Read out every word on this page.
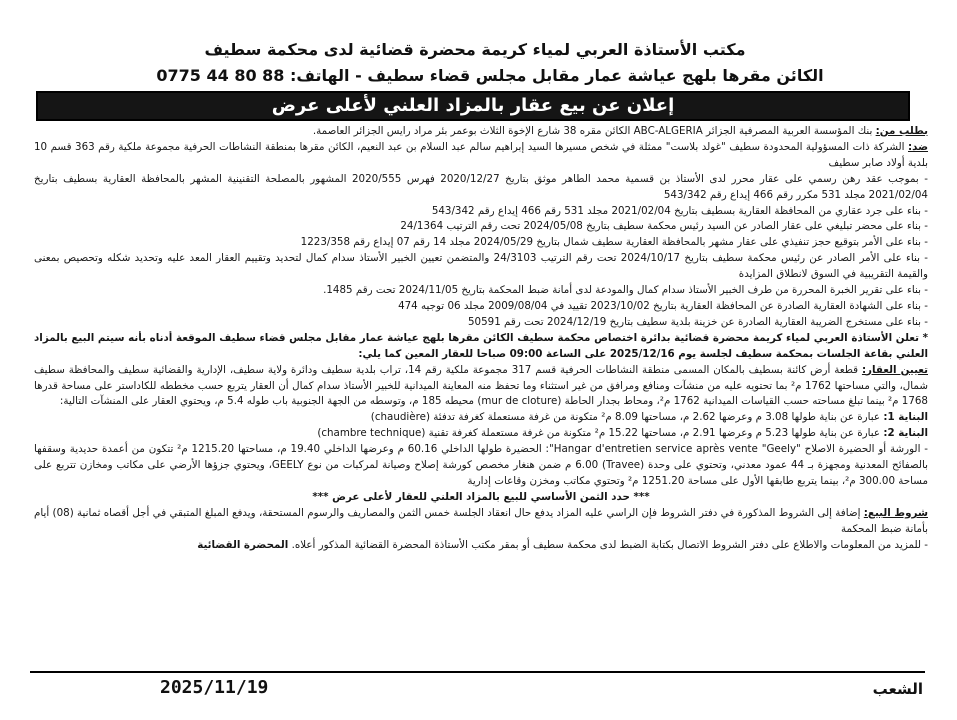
مكتب الأستاذة العربي لمياء كريمة محضرة قضائية لدى محكمة سطيف
الكائن مقرها بلهج عياشة عمار مقابل مجلس قضاء سطيف - الهاتف: 88 80 44 0775
إعلان عن بيع عقار بالمزاد العلني لأعلى عرض

بطلب من: بنك المؤسسة العربية المصرفية الجزائر ABC-ALGERIA الكائن مقره 38 شارع الإخوة الثلاث بوعمر بئر مراد رايس الجزائر العاصمة.

ضد: الشركة ذات المسؤولية المحدودة سطيف "غولد بلاست" ممثلة في شخص مسيرها السيد إبراهيم سالم عبد السلام بن عبد النعيم، الكائن مقرها بمنطقة النشاطات الحرفية مجموعة ملكية رقم 363 قسم 10 بلدية أولاد صابر سطيف

- بموجب عقد رهن رسمي على عقار محرر لدى الأستاذ بن قسمية محمد الطاهر موثق بتاريخ 2020/12/27 فهرس 2020/555 المشهور بالمصلحة التقنينية المشهر بالمحافظة العقارية بسطيف بتاريخ 2021/02/04 مجلد 531 مكرر رقم 466 إيداع رقم 543/342

- بناء على جرد عقاري من المحافظة العقارية بسطيف بتاريخ 2021/02/04 مجلد 531 رقم 466 إيداع رقم 543/342

- بناء على محضر تبليغي على عقار الصادر عن السيد رئيس محكمة سطيف بتاريخ 2024/05/08 تحت رقم الترتيب 24/1364

- بناء على الأمر بتوقيع حجز تنفيذي على عقار مشهر بالمحافظة العقارية سطيف شمال بتاريخ 2024/05/29 مجلد 14 رقم 07 إيداع رقم 1223/358

- بناء على الأمر الصادر عن رئيس محكمة سطيف بتاريخ 2024/10/17 تحت رقم الترتيب 24/3103 والمتضمن تعيين الخبير الأستاذ سدام كمال لتحديد وتقييم العقار المعد عليه وتحديد شكله وتحصيص بمعنى والقيمة التقريبية في السوق لانطلاق المزايدة

- بناء على تقرير الخبرة المحررة من طرف الخبير الأستاذ سدام كمال والمودعة لدى أمانة ضبط المحكمة بتاريخ 2024/11/05 تحت رقم 1485.

- بناء على الشهادة العقارية الصادرة عن المحافظة العقارية بتاريخ 2023/10/02 تقييد في 2009/08/04 مجلد 06 توجيه 474

- بناء على مستخرج الضريبة العقارية الصادرة عن خزينة بلدية سطيف بتاريخ 2024/12/19 تحت رقم 50591

* تعلن الأستاذة العربي لمياء كريمة محضرة قضائية بدائرة اختصاص محكمة سطيف الكائن مقرها بلهج عياشة عمار مقابل مجلس قضاء سطيف الموقعة أدناه بأنه سيتم البيع بالمزاد العلني بقاعة الجلسات بمحكمة سطيف لجلسة يوم 2025/12/16 على الساعة 09:00 صباحا للعقار المعين كما يلي:

تعيين العقار: قطعة أرض كائنة بسطيف بالمكان المسمى منطقة النشاطات الحرفية قسم 317 مجموعة ملكية رقم 14، تراب بلدية سطيف ودائرة ولاية سطيف، الإدارية والقضائية سطيف والمحافظة سطيف شمال، والتي مساحتها 1762 م² بما تحتويه عليه من منشآت ومنافع ومرافق من غير استثناء وما تحفظ منه المعاينة الميدانية للخبير الأستاذ سدام كمال أن العقار يتربع حسب مخططه للكاداستر على مساحة قدرها 1768 م² بينما تبلغ مساحته حسب القياسات الميدانية 1762 م²، ومحاط بجدار الحاطة (mur de cloture) محيطه 185 م، وتوسطه من الجهة الجنوبية باب طوله 5.4 م، ويحتوي العقار على المنشآت التالية:

البناية 1: عبارة عن بناية طولها 3.08 م وعرضها 2.62 م، مساحتها 8.09 م² متكونة من غرفة مستعملة كغرفة تدفئة (chaudière)

البناية 2: عبارة عن بناية طولها 5.23 م وعرضها 2.91 م، مساحتها 15.22 م² متكونة من غرفة مستعملة كغرفة تقنية (chambre technique)

- الورشة أو الحضيرة الاصلاح "Hangar d'entretien service après vente "Geely": الحضيرة طولها الداخلي 60.16 م وعرضها الداخلي 19.40 م، مساحتها 1215.20 م² تتكون من أعمدة حديدية وسقفها بالصفائح المعدنية ومجهزة بـ 44 عمود معدني، وتحتوي على وحدة (Travee) 6.00 م ضمن هنغار مخصص كورشة إصلاح وصيانة لمركبات من نوع GEELY، ويحتوي جزؤها الأرضي على مكاتب ومخازن تتربع على مساحة 300.00 م²، بينما يتربع طابقها الأول على مساحة 1251.20 م² وتحتوي مكاتب ومخزن وقاعات إدارية

*** حدد الثمن الأساسي للبيع بالمزاد العلني للعقار لأعلى عرض ***

شروط البيع: إضافة إلى الشروط المذكورة في دفتر الشروط فإن الراسي عليه المزاد يدفع حال انعقاد الجلسة خمس الثمن والمصاريف والرسوم المستحقة، ويدفع المبلغ المتبقي في أجل أقصاه ثمانية (08) أيام بأمانة ضبط المحكمة

- للمزيد من المعلومات والاطلاع على دفتر الشروط الاتصال بكتابة الضبط لدى محكمة سطيف أو بمقر مكتب الأستاذة المحضرة القضائية المذكور أعلاه. المحضرة القضائية

الشعب
2025/11/19
